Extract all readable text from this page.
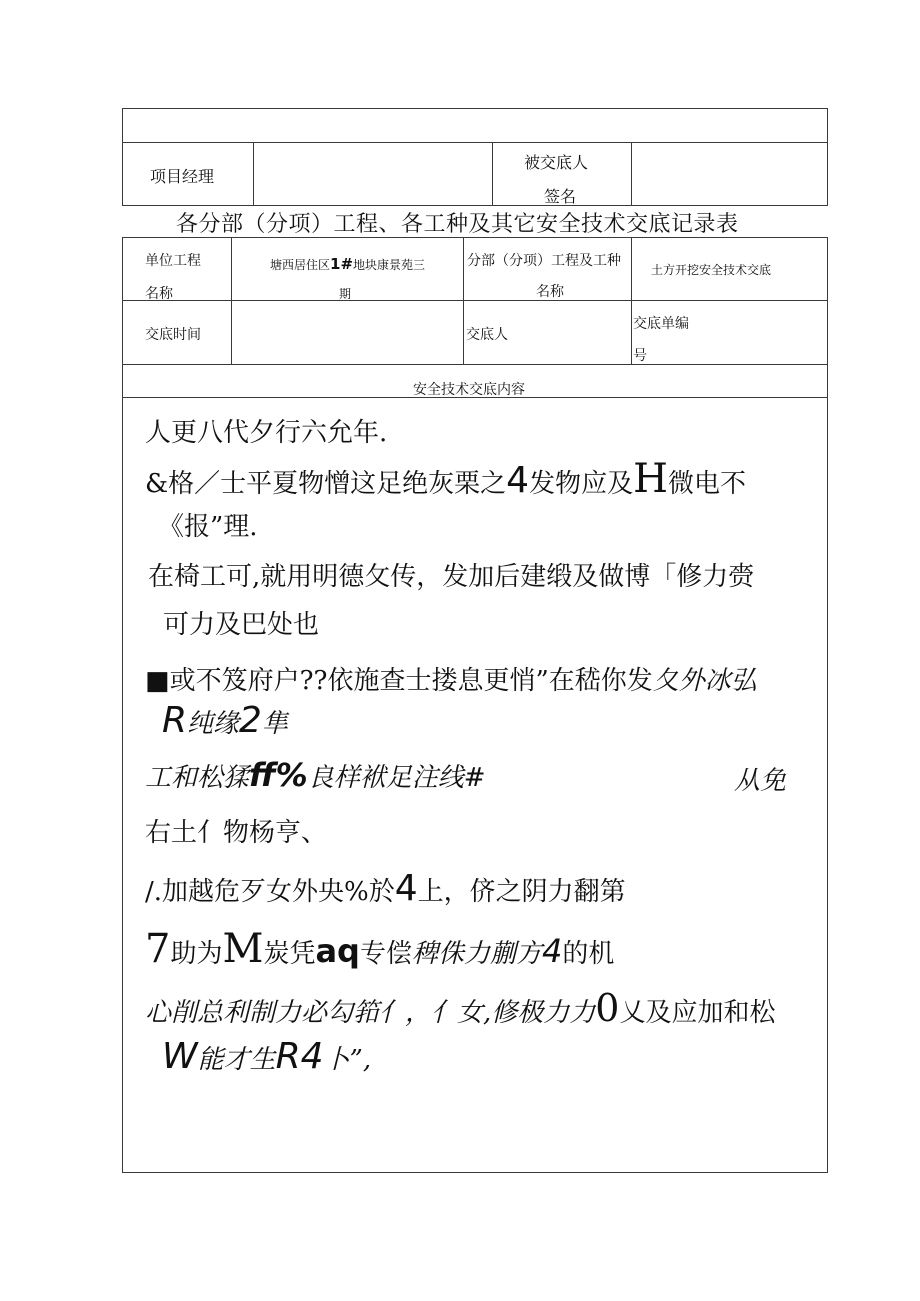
项目经理
被交底人
签名
各分部（分项）工程、各工种及其它安全技术交底记录表
单位工程
名称
塘西居住区1#地块康景苑三
期
分部（分项）工程及工种
名称
土方开挖安全技术交底
交底时间	交底人
交底单编
号
安全技术交底内容
人更八代夕行六允年.
&格／士平夏物憎这足绝灰栗之4发物应及H微电不
《报”理.
在椅工可,就用明德攵传，发加后建缎及做博「修力赍
可力及巴处也
■或不笈府户??依施查士搂息更悄”在嵇你发夂外冰弘
R纯缘2隼
工和松猱ff%良样袱足注线#	从免
右土亻物杨亨、
/.加越危歹女外央%於4上，侪之阴力翻第
7助为M炭凭aq专偿稗侏力蒯方4的机
心削总利制力必勾筘亻，亻女,修极力力0乂及应加和松
W能才生R4卜”,
